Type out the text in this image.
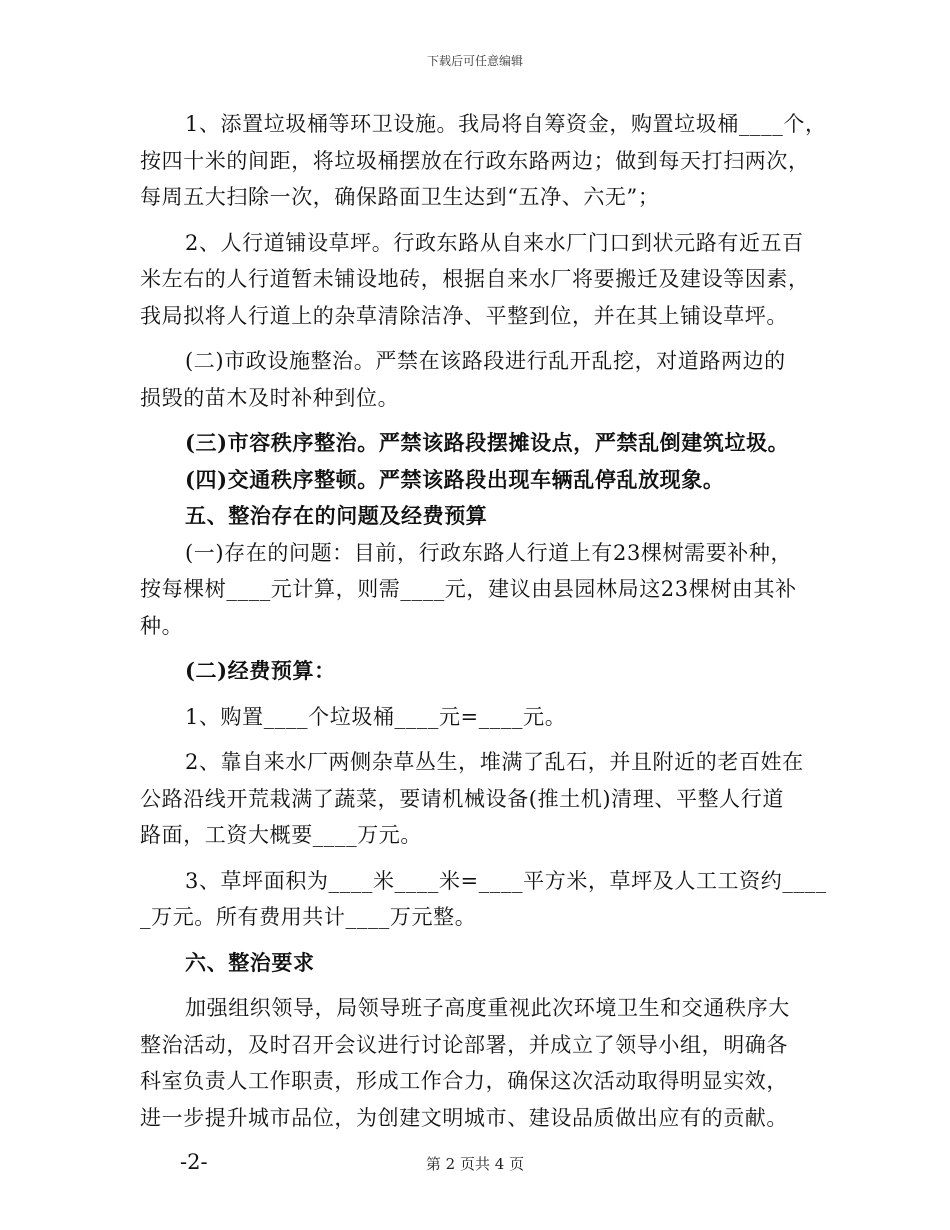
下载后可任意编辑
1、添置垃圾桶等环卫设施。我局将自筹资金，购置垃圾桶____个，
按四十米的间距，将垃圾桶摆放在行政东路两边；做到每天打扫两次，
每周五大扫除一次，确保路面卫生达到“五净、六无”；
2、人行道铺设草坪。行政东路从自来水厂门口到状元路有近五百
米左右的人行道暂未铺设地砖，根据自来水厂将要搬迁及建设等因素，
我局拟将人行道上的杂草清除洁净、平整到位，并在其上铺设草坪。
(二)市政设施整治。严禁在该路段进行乱开乱挖，对道路两边的
损毁的苗木及时补种到位。
(三)市容秩序整治。严禁该路段摆摊设点，严禁乱倒建筑垃圾。
(四)交通秩序整顿。严禁该路段出现车辆乱停乱放现象。
五、整治存在的问题及经费预算
(一)存在的问题：目前，行政东路人行道上有23棵树需要补种，
按每棵树____元计算，则需____元，建议由县园林局这23棵树由其补
种。
(二)经费预算：
1、购置____个垃圾桶____元=____元。
2、靠自来水厂两侧杂草丛生，堆满了乱石，并且附近的老百姓在
公路沿线开荒栽满了蔬菜，要请机械设备(推土机)清理、平整人行道
路面，工资大概要____万元。
3、草坪面积为____米____米=____平方米，草坪及人工工资约____
_万元。所有费用共计____万元整。
六、整治要求
加强组织领导，局领导班子高度重视此次环境卫生和交通秩序大
整治活动，及时召开会议进行讨论部署，并成立了领导小组，明确各
科室负责人工作职责，形成工作合力，确保这次活动取得明显实效，
进一步提升城市品位，为创建文明城市、建设品质做出应有的贡献。
-2-	第 2 页共 4 页
